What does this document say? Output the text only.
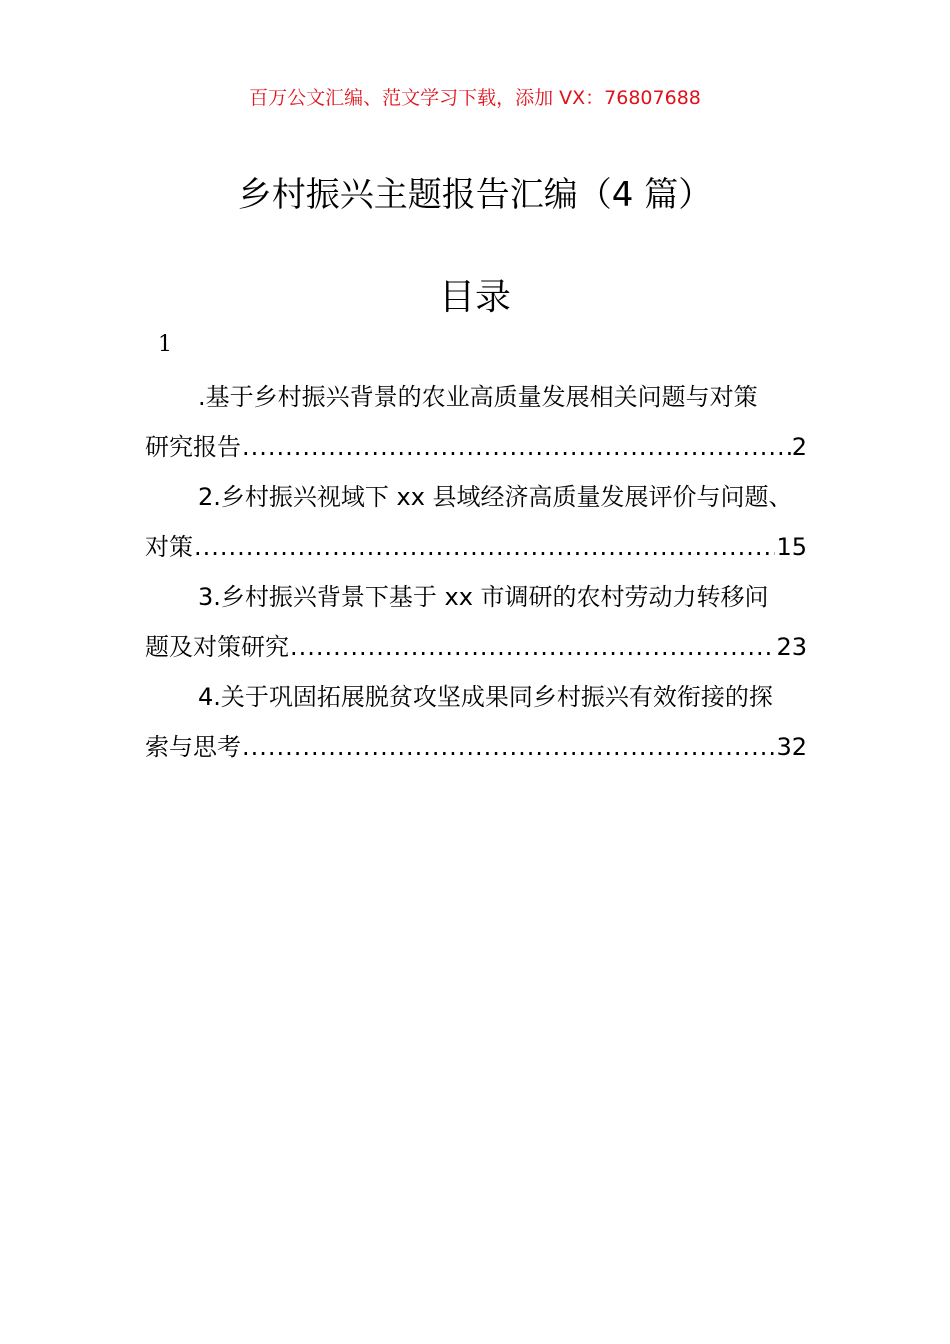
百万公文汇编、范文学习下载，添加 VX：76807688
乡村振兴主题报告汇编（4 篇）
目录
1
.基于乡村振兴背景的农业高质量发展相关问题与对策
研究报告 .....	2
2.乡村振兴视域下 xx 县域经济高质量发展评价与问题、
对策 .....	15
3.乡村振兴背景下基于 xx 市调研的农村劳动力转移问
题及对策研究 .....	23
4.关于巩固拓展脱贫攻坚成果同乡村振兴有效衔接的探
索与思考 .....	32
